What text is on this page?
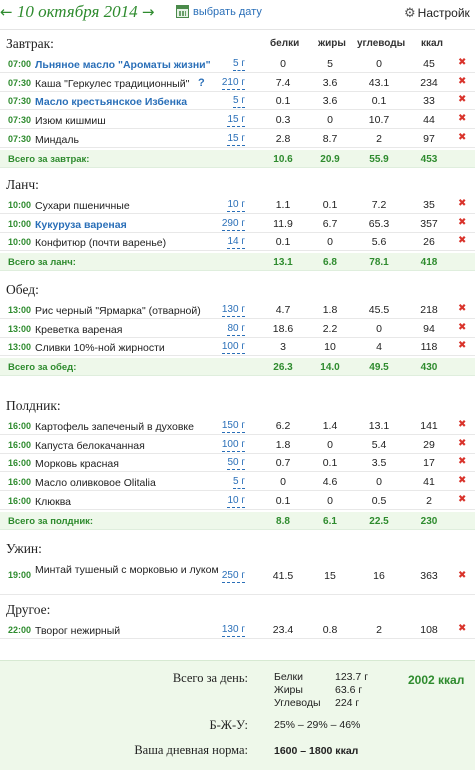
← 10 октября 2014 →	выбрать дату	⚙ Настройк
белки жиры углеводы ккал
Завтрак:
07:00 Льняное масло "Ароматы жизни"	5 г	0	5	0	45	✖
07:30 Каша "Геркулес традиционный" ? 210 г	7.4	3.6	43.1	234	✖
07:30 Масло крестьянское Избенка	5 г	0.1	3.6	0.1	33	✖
07:30 Изюм кишмиш	15 г	0.3	0	10.7	44	✖
07:30 Миндаль	15 г	2.8	8.7	2	97	✖
Всего за завтрак:	10.6	20.9	55.9	453
Ланч:
10:00 Сухари пшеничные	10 г	1.1	0.1	7.2	35	✖
10:00 Кукуруза вареная	290 г	11.9	6.7	65.3	357	✖
10:00 Конфитюр (почти варенье)	14 г	0.1	0	5.6	26	✖
Всего за ланч:	13.1	6.8	78.1	418
Обед:
13:00 Рис черный "Ярмарка" (отварной)	130 г	4.7	1.8	45.5	218	✖
13:00 Креветка вареная	80 г	18.6	2.2	0	94	✖
13:00 Сливки 10%-ной жирности	100 г	3	10	4	118	✖
Всего за обед:	26.3	14.0	49.5	430
Полдник:
16:00 Картофель запеченый в духовке	150 г	6.2	1.4	13.1	141	✖
16:00 Капуста белокачанная	100 г	1.8	0	5.4	29	✖
16:00 Морковь красная	50 г	0.7	0.1	3.5	17	✖
16:00 Масло оливковое Olitalia	5 г	0	4.6	0	41	✖
16:00 Клюква	10 г	0.1	0	0.5	2	✖
Всего за полдник:	8.8	6.1	22.5	230
Ужин:
19:00 Минтай тушеный с морковью и луком 250 г	41.5	15	16	363	✖
Другое:
22:00 Творог нежирный	130 г	23.4	0.8	2	108	✖
Всего за день: Белки	123.7 г
Жиры	63.6 г
Углеводы 224 г
2002 ккал
Б-Ж-У: 25% – 29% – 46%
Ваша дневная норма: 1600 – 1800 ккал
